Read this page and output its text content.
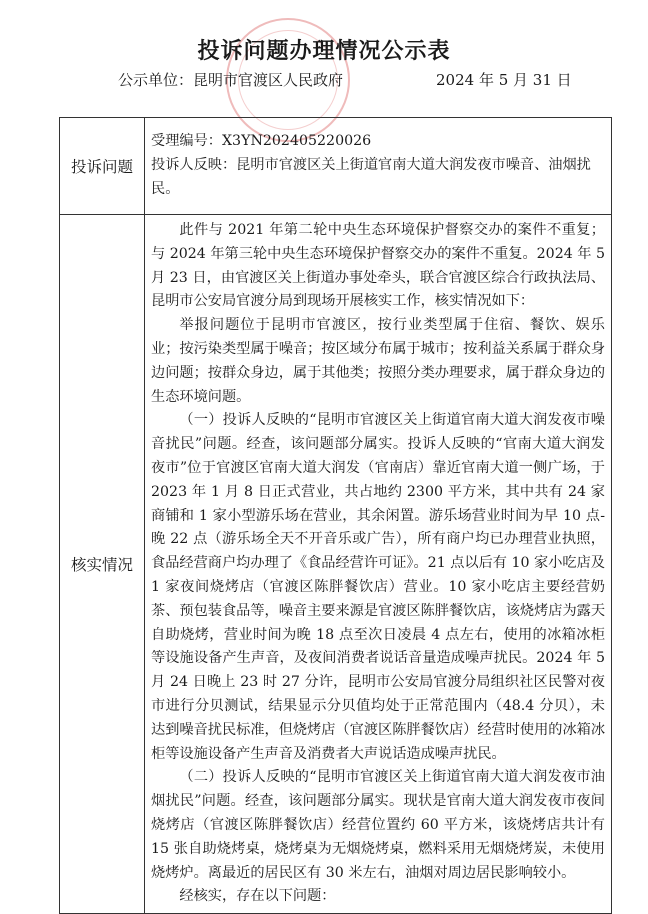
投诉问题办理情况公示表
公示单位：昆明市官渡区人民政府	2024 年 5 月 31 日
投诉问题	受理编号：X3YN202405220026
投诉人反映：昆明市官渡区关上街道官南大道大润发夜市噪音、油烟扰民。

核实情况	此件与 2021 年第二轮中央生态环境保护督察交办的案件不重复；与 2024 年第三轮中央生态环境保护督察交办的案件不重复。2024 年 5 月 23 日，由官渡区关上街道办事处牵头，联合官渡区综合行政执法局、昆明市公安局官渡分局到现场开展核实工作，核实情况如下：

举报问题位于昆明市官渡区，按行业类型属于住宿、餐饮、娱乐业；按污染类型属于噪音；按区域分布属于城市；按利益关系属于群众身边问题；按群众身边，属于其他类；按照分类办理要求，属于群众身边的生态环境问题。

（一）投诉人反映的“昆明市官渡区关上街道官南大道大润发夜市噪音扰民”问题。经查，该问题部分属实。投诉人反映的“官南大道大润发夜市”位于官渡区官南大道大润发（官南店）靠近官南大道一侧广场，于 2023 年 1 月 8 日正式营业，共占地约 2300 平方米，其中共有 24 家商铺和 1 家小型游乐场在营业，其余闲置。游乐场营业时间为早 10 点-晚 22 点（游乐场全天不开音乐或广告），所有商户均已办理营业执照，食品经营商户均办理了《食品经营许可证》。21 点以后有 10 家小吃店及 1 家夜间烧烤店（官渡区陈胖餐饮店）营业。10 家小吃店主要经营奶茶、预包装食品等，噪音主要来源是官渡区陈胖餐饮店，该烧烤店为露天自助烧烤，营业时间为晚 18 点至次日凌晨 4 点左右，使用的冰箱冰柜等设施设备产生声音，及夜间消费者说话音量造成噪声扰民。2024 年 5 月 24 日晚上 23 时 27 分许，昆明市公安局官渡分局组织社区民警对夜市进行分贝测试，结果显示分贝值均处于正常范围内（48.4 分贝），未达到噪音扰民标准，但烧烤店（官渡区陈胖餐饮店）经营时使用的冰箱冰柜等设施设备产生声音及消费者大声说话造成噪声扰民。

（二）投诉人反映的“昆明市官渡区关上街道官南大道大润发夜市油烟扰民”问题。经查，该问题部分属实。现状是官南大道大润发夜市夜间烧烤店（官渡区陈胖餐饮店）经营位置约 60 平方米，该烧烤店共计有 15 张自助烧烤桌，烧烤桌为无烟烧烤桌，燃料采用无烟烧烤炭，未使用烧烤炉。离最近的居民区有 30 米左右，油烟对周边居民影响较小。

经核实，存在以下问题：
